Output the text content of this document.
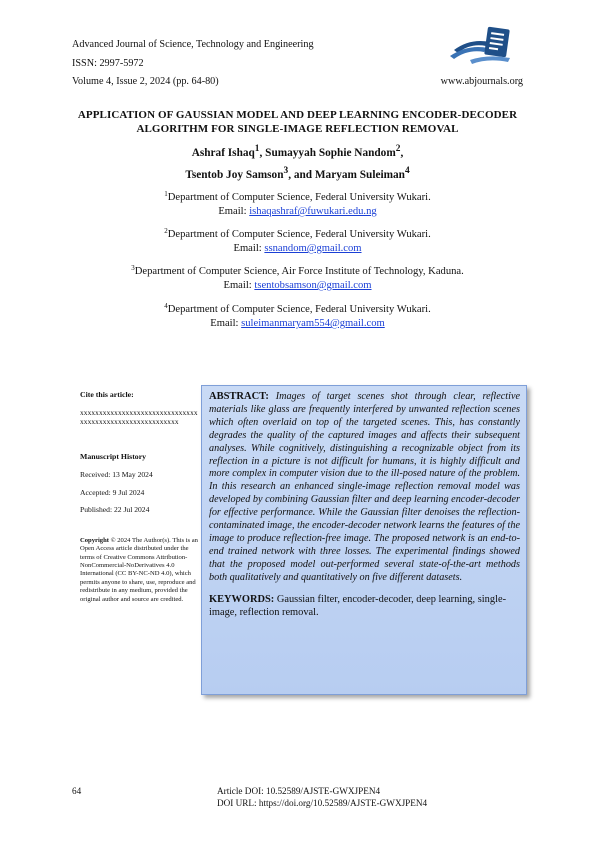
Advanced Journal of Science, Technology and Engineering
ISSN: 2997-5972
Volume 4, Issue 2, 2024 (pp. 64-80)	www.abjournals.org
APPLICATION OF GAUSSIAN MODEL AND DEEP LEARNING ENCODER-DECODER ALGORITHM FOR SINGLE-IMAGE REFLECTION REMOVAL
Ashraf Ishaq$^1$, Sumayyah Sophie Nandom$^2$,
Tsentob Joy Samson$^3$, and Maryam Suleiman$^4$
$^1$Department of Computer Science, Federal University Wukari.
Email: ishaqashraf@fuwukari.edu.ng
$^2$Department of Computer Science, Federal University Wukari.
Email: ssnandom@gmail.com
$^3$Department of Computer Science, Air Force Institute of Technology, Kaduna.
Email: tsentobsamson@gmail.com
$^4$Department of Computer Science, Federal University Wukari.
Email: suleimanmaryam554@gmail.com
Cite this article:
xxxxxxxxxxxxxxxxxxxxxxxxxxxxxxxxxxxxxxxxxxxxxxxxxxxxxxxxx
Manuscript History
Received: 13 May 2024
Accepted: 9 Jul 2024
Published: 22 Jul 2024
Copyright © 2024 The Author(s). This is an Open Access article distributed under the terms of Creative Commons Attribution-NonCommercial-NoDerivatives 4.0 International (CC BY-NC-ND 4.0), which permits anyone to share, use, reproduce and redistribute in any medium, provided the original author and source are credited.

ABSTRACT: Images of target scenes shot through clear, reflective materials like glass are frequently interfered by unwanted reflection scenes which often overlaid on top of the targeted scenes. This, has constantly degrades the quality of the captured images and affects their subsequent analyses. While cognitively, distinguishing a recognizable object from its reflection in a picture is not difficult for humans, it is highly difficult and more complex in computer vision due to the ill-posed nature of the problem. In this research an enhanced single-image reflection removal model was developed by combining Gaussian filter and deep learning encoder-decoder for effective performance. While the Gaussian filter denoises the reflection-contaminated image, the encoder-decoder network learns the features of the image to produce reflection-free image. The proposed network is an end-to-end trained network with three losses. The experimental findings showed that the proposed model out-performed several state-of-the-art methods both qualitatively and quantitatively on five different datasets.

KEYWORDS: Gaussian filter, encoder-decoder, deep learning, single-image, reflection removal.

64	Article DOI: 10.52589/AJSTE-GWXJPEN4
DOI URL: https://doi.org/10.52589/AJSTE-GWXJPEN4
